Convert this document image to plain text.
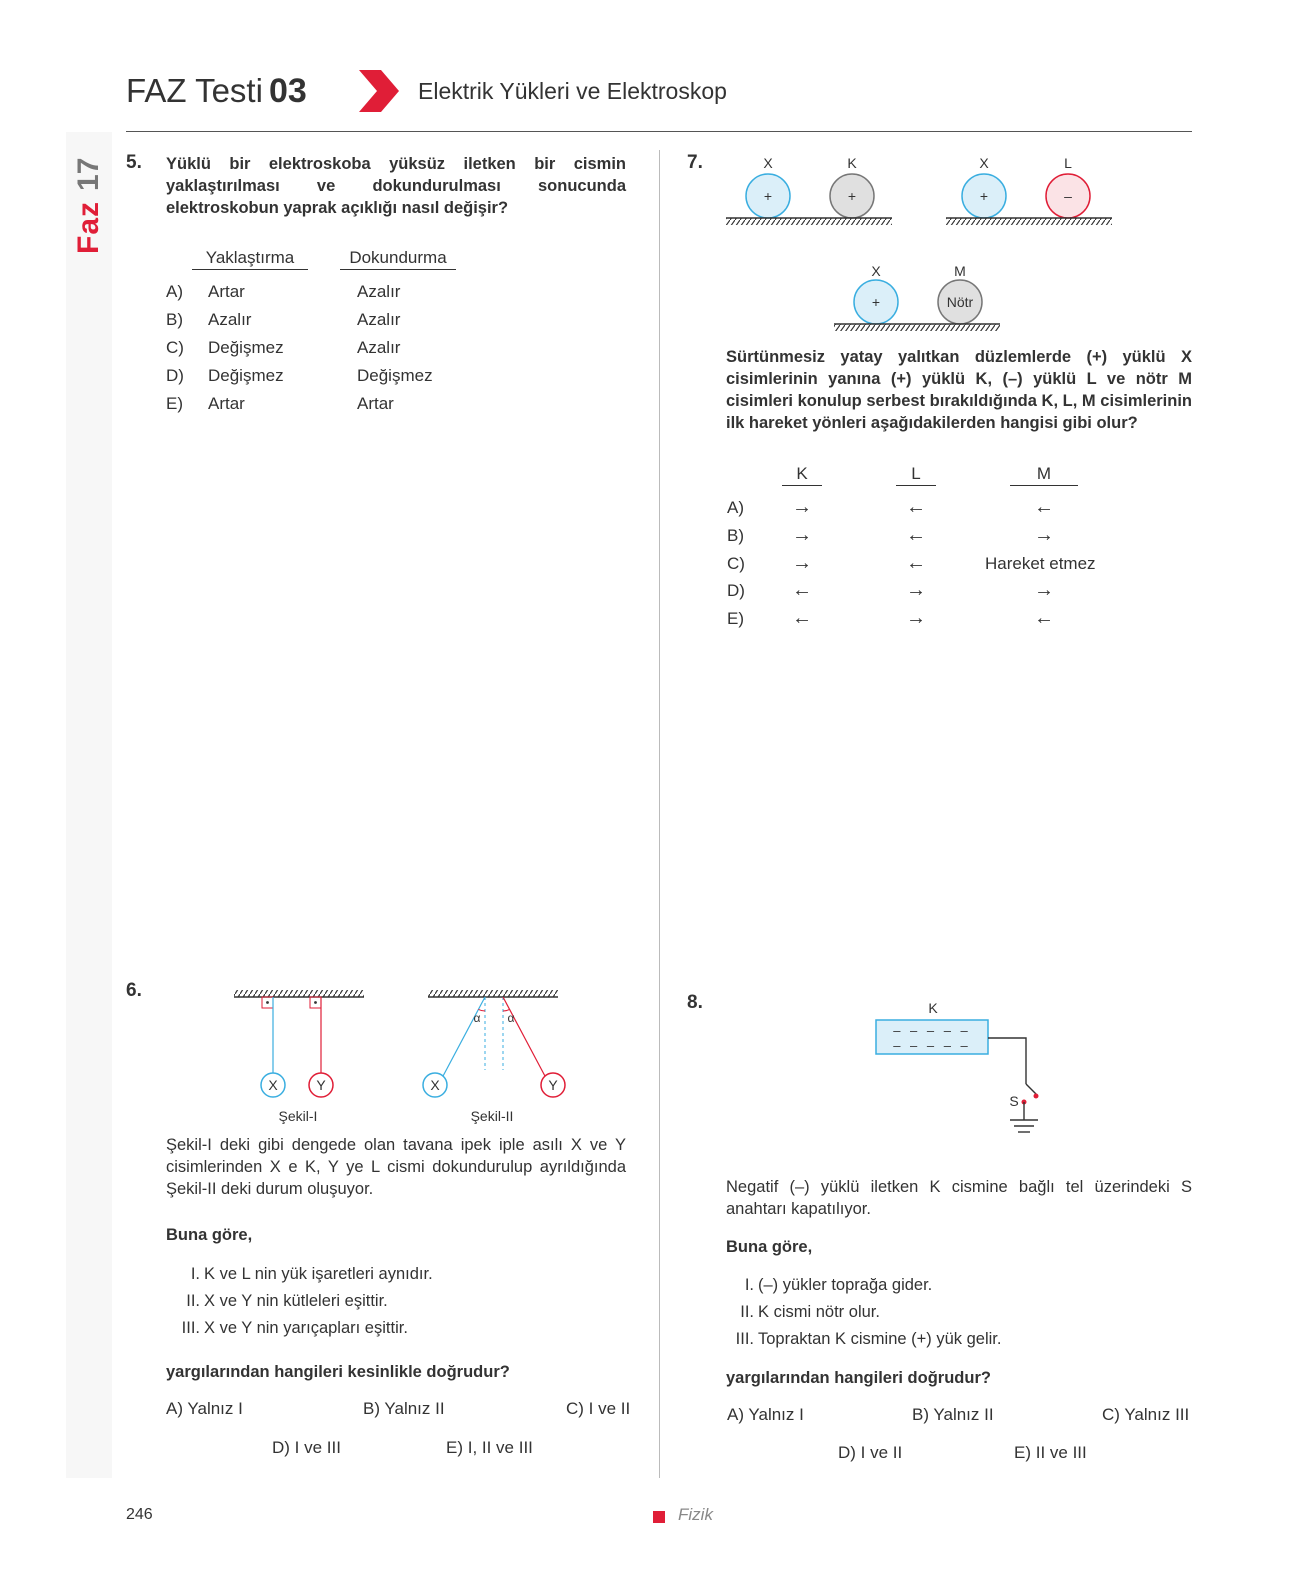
Faz17
FAZ Testi 03	Elektrik Yükleri ve Elektroskop
5. Yüklü bir elektroskoba yüksüz iletken bir cismin yaklaştırılması ve dokundurulması sonucunda elektroskobun yaprak açıklığı nasıl değişir?
Yaklaştırma	Dokundurma
A) Artar	Azalır
B) Azalır	Azalır
C) Değişmez	Azalır
D) Değişmez	Değişmez
E) Artar	Artar
6.
X	Y
Şekil-I
α α
X	Y
Şekil-II
Şekil-I deki gibi dengede olan tavana ipek iple asılı X ve Y cisimlerinden X e K, Y ye L cismi dokundurulup ayrıldığında Şekil-II deki durum oluşuyor.
Buna göre,
I. K ve L nin yük işaretleri aynıdır.
II. X ve Y nin kütleleri eşittir.
III. X ve Y nin yarıçapları eşittir.
yargılarından hangileri kesinlikle doğrudur?
A) Yalnız I	B) Yalnız II	C) I ve II
D) I ve III	E) I, II ve III
7.	X	K
+	+
X	L
+	–
X	M
+	Nötr
Sürtünmesiz yatay yalıtkan düzlemlerde (+) yüklü X cisimlerinin yanına (+) yüklü K, (–) yüklü L ve nötr M cisimleri konulup serbest bırakıldığında K, L, M cisimlerinin ilk hareket yönleri aşağıdakilerden hangisi gibi olur?
K	L	M
A)	→	←	←
B)	→	←	→
C)	→	←	Hareket etmez
D)	←	→	→
E)	←	→	←
8.	K
– – – – –
– – – – –
S
Negatif (–) yüklü iletken K cismine bağlı tel üzerindeki S anahtarı kapatılıyor.
Buna göre,
I. (–) yükler toprağa gider.
II. K cismi nötr olur.
III. Topraktan K cismine (+) yük gelir.
yargılarından hangileri doğrudur?
A) Yalnız I	B) Yalnız II	C) Yalnız III
D) I ve II	E) II ve III
246	Fizik
